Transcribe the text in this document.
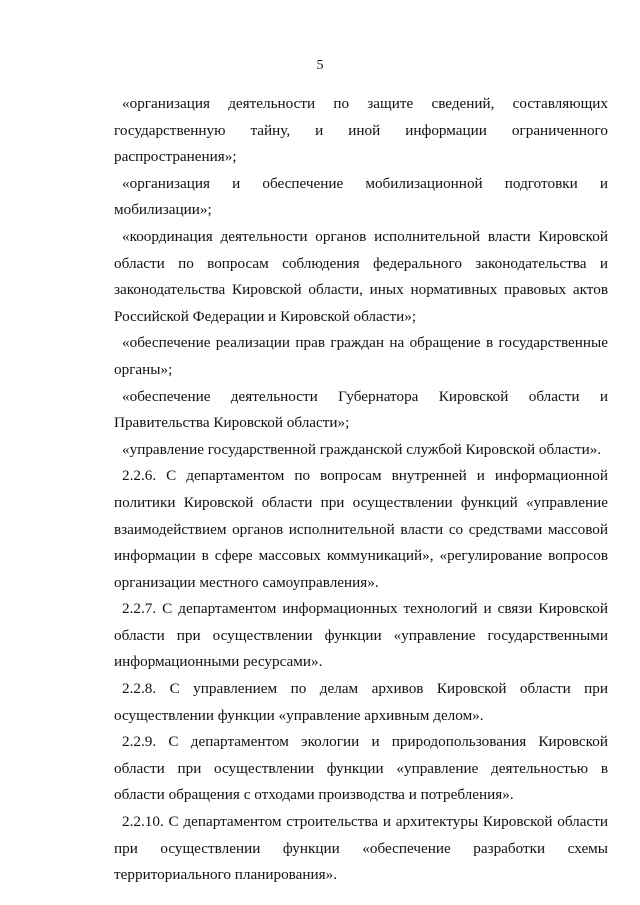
5

«организация деятельности по защите сведений, составляющих государственную тайну, и иной информации ограниченного распространения»;

«организация и обеспечение мобилизационной подготовки и мобилизации»;

«координация деятельности органов исполнительной власти Кировской области по вопросам соблюдения федерального законодательства и законодательства Кировской области, иных нормативных правовых актов Российской Федерации и Кировской области»;

«обеспечение реализации прав граждан на обращение в государственные органы»;

«обеспечение деятельности Губернатора Кировской области и Правительства Кировской области»;

«управление государственной гражданской службой Кировской области».

2.2.6. С департаментом по вопросам внутренней и информационной политики Кировской области при осуществлении функций «управление взаимодействием органов исполнительной власти со средствами массовой информации в сфере массовых коммуникаций», «регулирование вопросов организации местного самоуправления».

2.2.7. С департаментом информационных технологий и связи Кировской области при осуществлении функции «управление государственными информационными ресурсами».

2.2.8. С управлением по делам архивов Кировской области при осуществлении функции «управление архивным делом».

2.2.9. С департаментом экологии и природопользования Кировской области при осуществлении функции «управление деятельностью в области обращения с отходами производства и потребления».

2.2.10. С департаментом строительства и архитектуры Кировской области при осуществлении функции «обеспечение разработки схемы территориального планирования».
